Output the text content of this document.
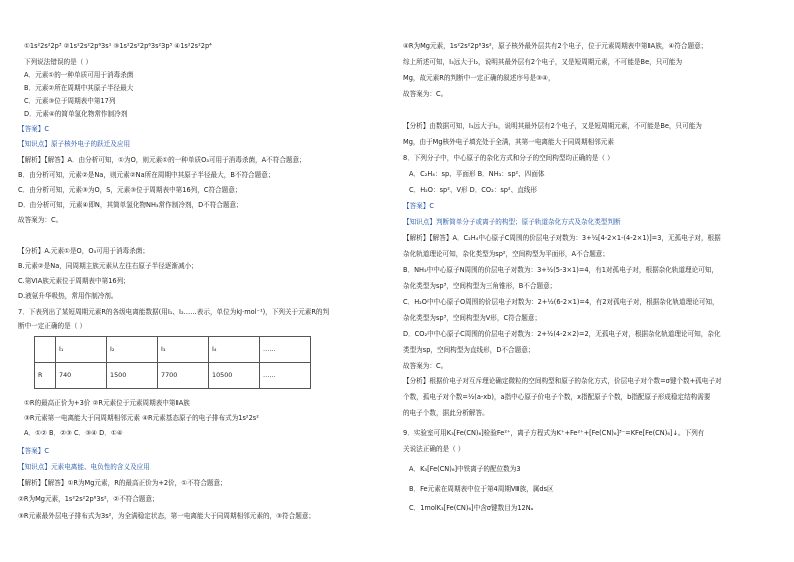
①1s²2s²2p³ ②1s²2s²2p⁶3s¹ ③1s²2s²2p⁶3s²3p⁵ ④1s²2s²2p⁴

下列说法错误的是（ ）

A．元素①的一种单质可用于消毒杀菌

B．元素②所在周期中其原子半径最大

C．元素③位于周期表中第17列

D．元素④的简单氢化物常作制冷剂

【答案】C

【知识点】原子核外电子的跃迁及应用

【解析】【解答】A．由分析可知，①为O，则元素①的一种单质O₃可用于消毒杀菌，A不符合题意；

B．由分析可知，元素②是Na，则元素②Na所在周期中其原子半径最大，B不符合题意；

C．由分析可知，元素③为O，S，元素③位于周期表中第16列，C符合题意；

D．由分析可知，元素④即N，其简单氢化物NH₃常作制冷剂，D不符合题意；

故答案为：C。

【分析】A.元素①是O，O₃可用于消毒杀菌；

B.元素②是Na，同周期主族元素从左往右原子半径逐渐减小；

C.第VIA族元素位于周期表中第16列；

D.液氨升华吸热，常用作制冷剂。

7．下表列出了某短周期元素R的各级电离能数据(用I₁、I₂……表示，单位为kJ·mol⁻¹)，下列关于元素R的判

断中一定正确的是（ ）

①R的最高正价为+3价 ②R元素位于元素周期表中第ⅡA族

③R元素第一电离能大于同周期相邻元素 ④R元素基态原子的电子排布式为1s²2s²

A．①② B．②③ C．③④ D．①④

【答案】C

【知识点】元素电离能、电负性的含义及应用

【解析】【解答】①R为Mg元素，R的最高正价为+2价，①不符合题意；

②R为Mg元素，1s²2s²2p⁶3s²，②不符合题意；

③R元素最外层电子排布式为3s²，为全满稳定状态，第一电离能大于同周期相邻元素的，③符合题意；

	I₁	I₂	I₃	I₄	……
R	740	1500	7700	10500	……

④R为Mg元素，1s²2s²2p⁶3s²，原子核外最外层共有2个电子，位于元素周期表中第ⅡA族，④符合题意；

综上所述可知，I₃远大于I₂，说明其最外层有2个电子，又是短周期元素，不可能是Be，只可能为

Mg，故元素R的判断中一定正确的叙述序号是③④，

故答案为：C。

【分析】由数据可知，I₃远大于I₂，说明其最外层有2个电子，又是短周期元素，不可能是Be，只可能为

Mg，由于Mg核外电子填充处于全满，其第一电离能大于同周期相邻元素

8．下列分子中，中心原子的杂化方式和分子的空间构型均正确的是（ ）

A．C₂H₄：sp、平面形 B．NH₃：sp²、四面体

C．H₂O：sp²、V形 D．CO₂：sp²、直线形

【答案】C

【知识点】判断简单分子或离子的构型；原子轨道杂化方式及杂化类型判断

【解析】【解答】A．C₂H₄中心原子C周围的价层电子对数为：3+½[4-2×1-(4-2×1)]=3，无孤电子对，根据

杂化轨道理论可知，杂化类型为sp²，空间构型为平面形，A不合题意；

B．NH₃中中心原子N周围的价层电子对数为：3+½(5-3×1)=4，有1对孤电子对，根据杂化轨道理论可知，

杂化类型为sp³，空间构型为三角锥形，B不合题意；

C．H₂O中中心原子O周围的价层电子对数为：2+½(6-2×1)=4，有2对孤电子对，根据杂化轨道理论可知，

杂化类型为sp³，空间构型为V形，C符合题意；

D．CO₂中中心原子C周围的价层电子对数为：2+½(4-2×2)=2，无孤电子对，根据杂化轨道理论可知，杂化

类型为sp，空间构型为直线形，D不合题意；

故答案为：C。

【分析】根据价电子对互斥理论确定微粒的空间构型和原子的杂化方式，价层电子对个数=σ键个数+孤电子对

个数，孤电子对个数=½(a-xb)，a指中心原子价电子个数，x指配原子个数，b指配原子形成稳定结构需要

的电子个数，据此分析解答。

9．实验室可用K₃[Fe(CN)₆]检验Fe²⁺，离子方程式为K⁺+Fe²⁺+[Fe(CN)₆]³⁻=KFe[Fe(CN)₆]↓。下列有

关说法正确的是（ ）

A．K₃[Fe(CN)₆]中铁离子的配位数为3

B．Fe元素在周期表中位于第4周期Ⅷ族，属ds区

C．1molK₃[Fe(CN)₆]中含σ键数目为12Nₐ
